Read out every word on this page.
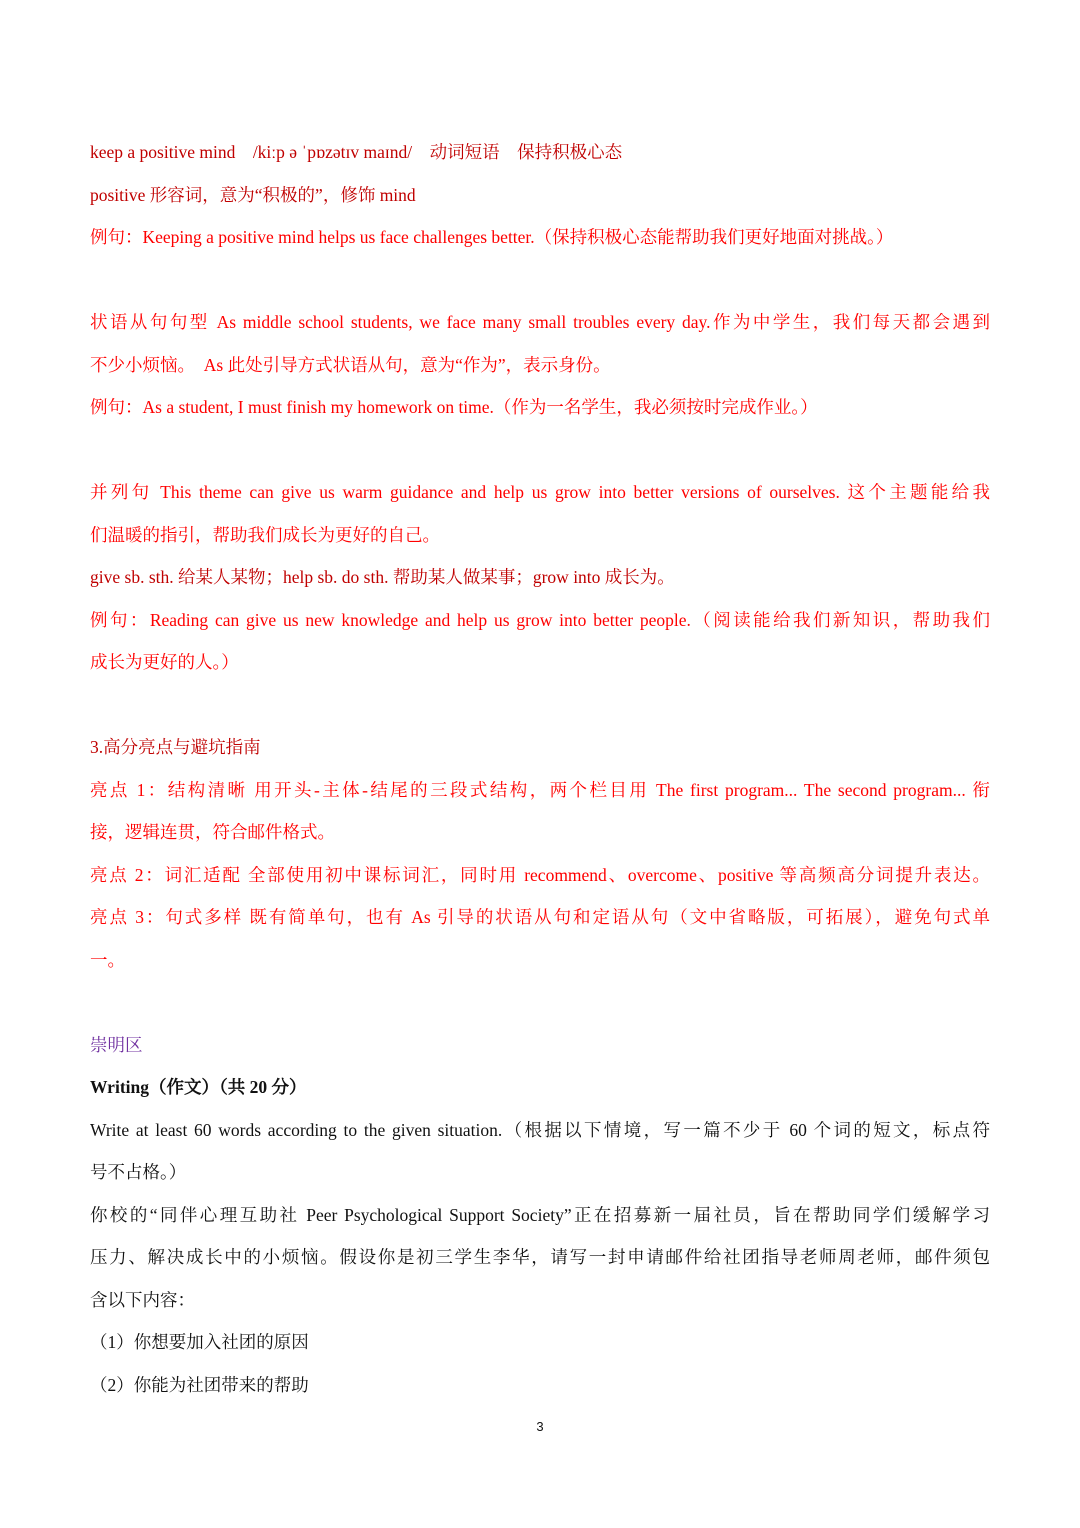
keep a positive mind　/kiːp ə ˈpɒzətɪv maɪnd/　动词短语　保持积极心态
positive 形容词，意为“积极的”，修饰 mind
例句：Keeping a positive mind helps us face challenges better.（保持积极心态能帮助我们更好地面对挑战。）
状语从句句型 As middle school students, we face many small troubles every day.作为中学生，我们每天都会遇到
不少小烦恼。　As 此处引导方式状语从句，意为“作为”，表示身份。
例句：As a student, I must finish my homework on time.（作为一名学生，我必须按时完成作业。）
并列句 This theme can give us warm guidance and help us grow into better versions of ourselves. 这个主题能给我
们温暖的指引，帮助我们成长为更好的自己。
give sb. sth. 给某人某物；help sb. do sth. 帮助某人做某事；grow into 成长为。
例句：Reading can give us new knowledge and help us grow into better people.（阅读能给我们新知识，帮助我们
成长为更好的人。）
3.高分亮点与避坑指南
亮点 1：结构清晰 用开头-主体-结尾的三段式结构，两个栏目用 The first program... The second program... 衔
接，逻辑连贯，符合邮件格式。
亮点 2：词汇适配 全部使用初中课标词汇，同时用 recommend、overcome、positive 等高频高分词提升表达。
亮点 3：句式多样 既有简单句，也有 As 引导的状语从句和定语从句（文中省略版，可拓展），避免句式单
一。
崇明区
Writing（作文）（共 20 分）
Write at least 60 words according to the given situation.（根据以下情境，写一篇不少于 60 个词的短文，标点符
号不占格。）
你校的“同伴心理互助社 Peer Psychological Support Society”正在招募新一届社员，旨在帮助同学们缓解学习
压力、解决成长中的小烦恼。假设你是初三学生李华，请写一封申请邮件给社团指导老师周老师，邮件须包
含以下内容：
（1）你想要加入社团的原因
（2）你能为社团带来的帮助
3
